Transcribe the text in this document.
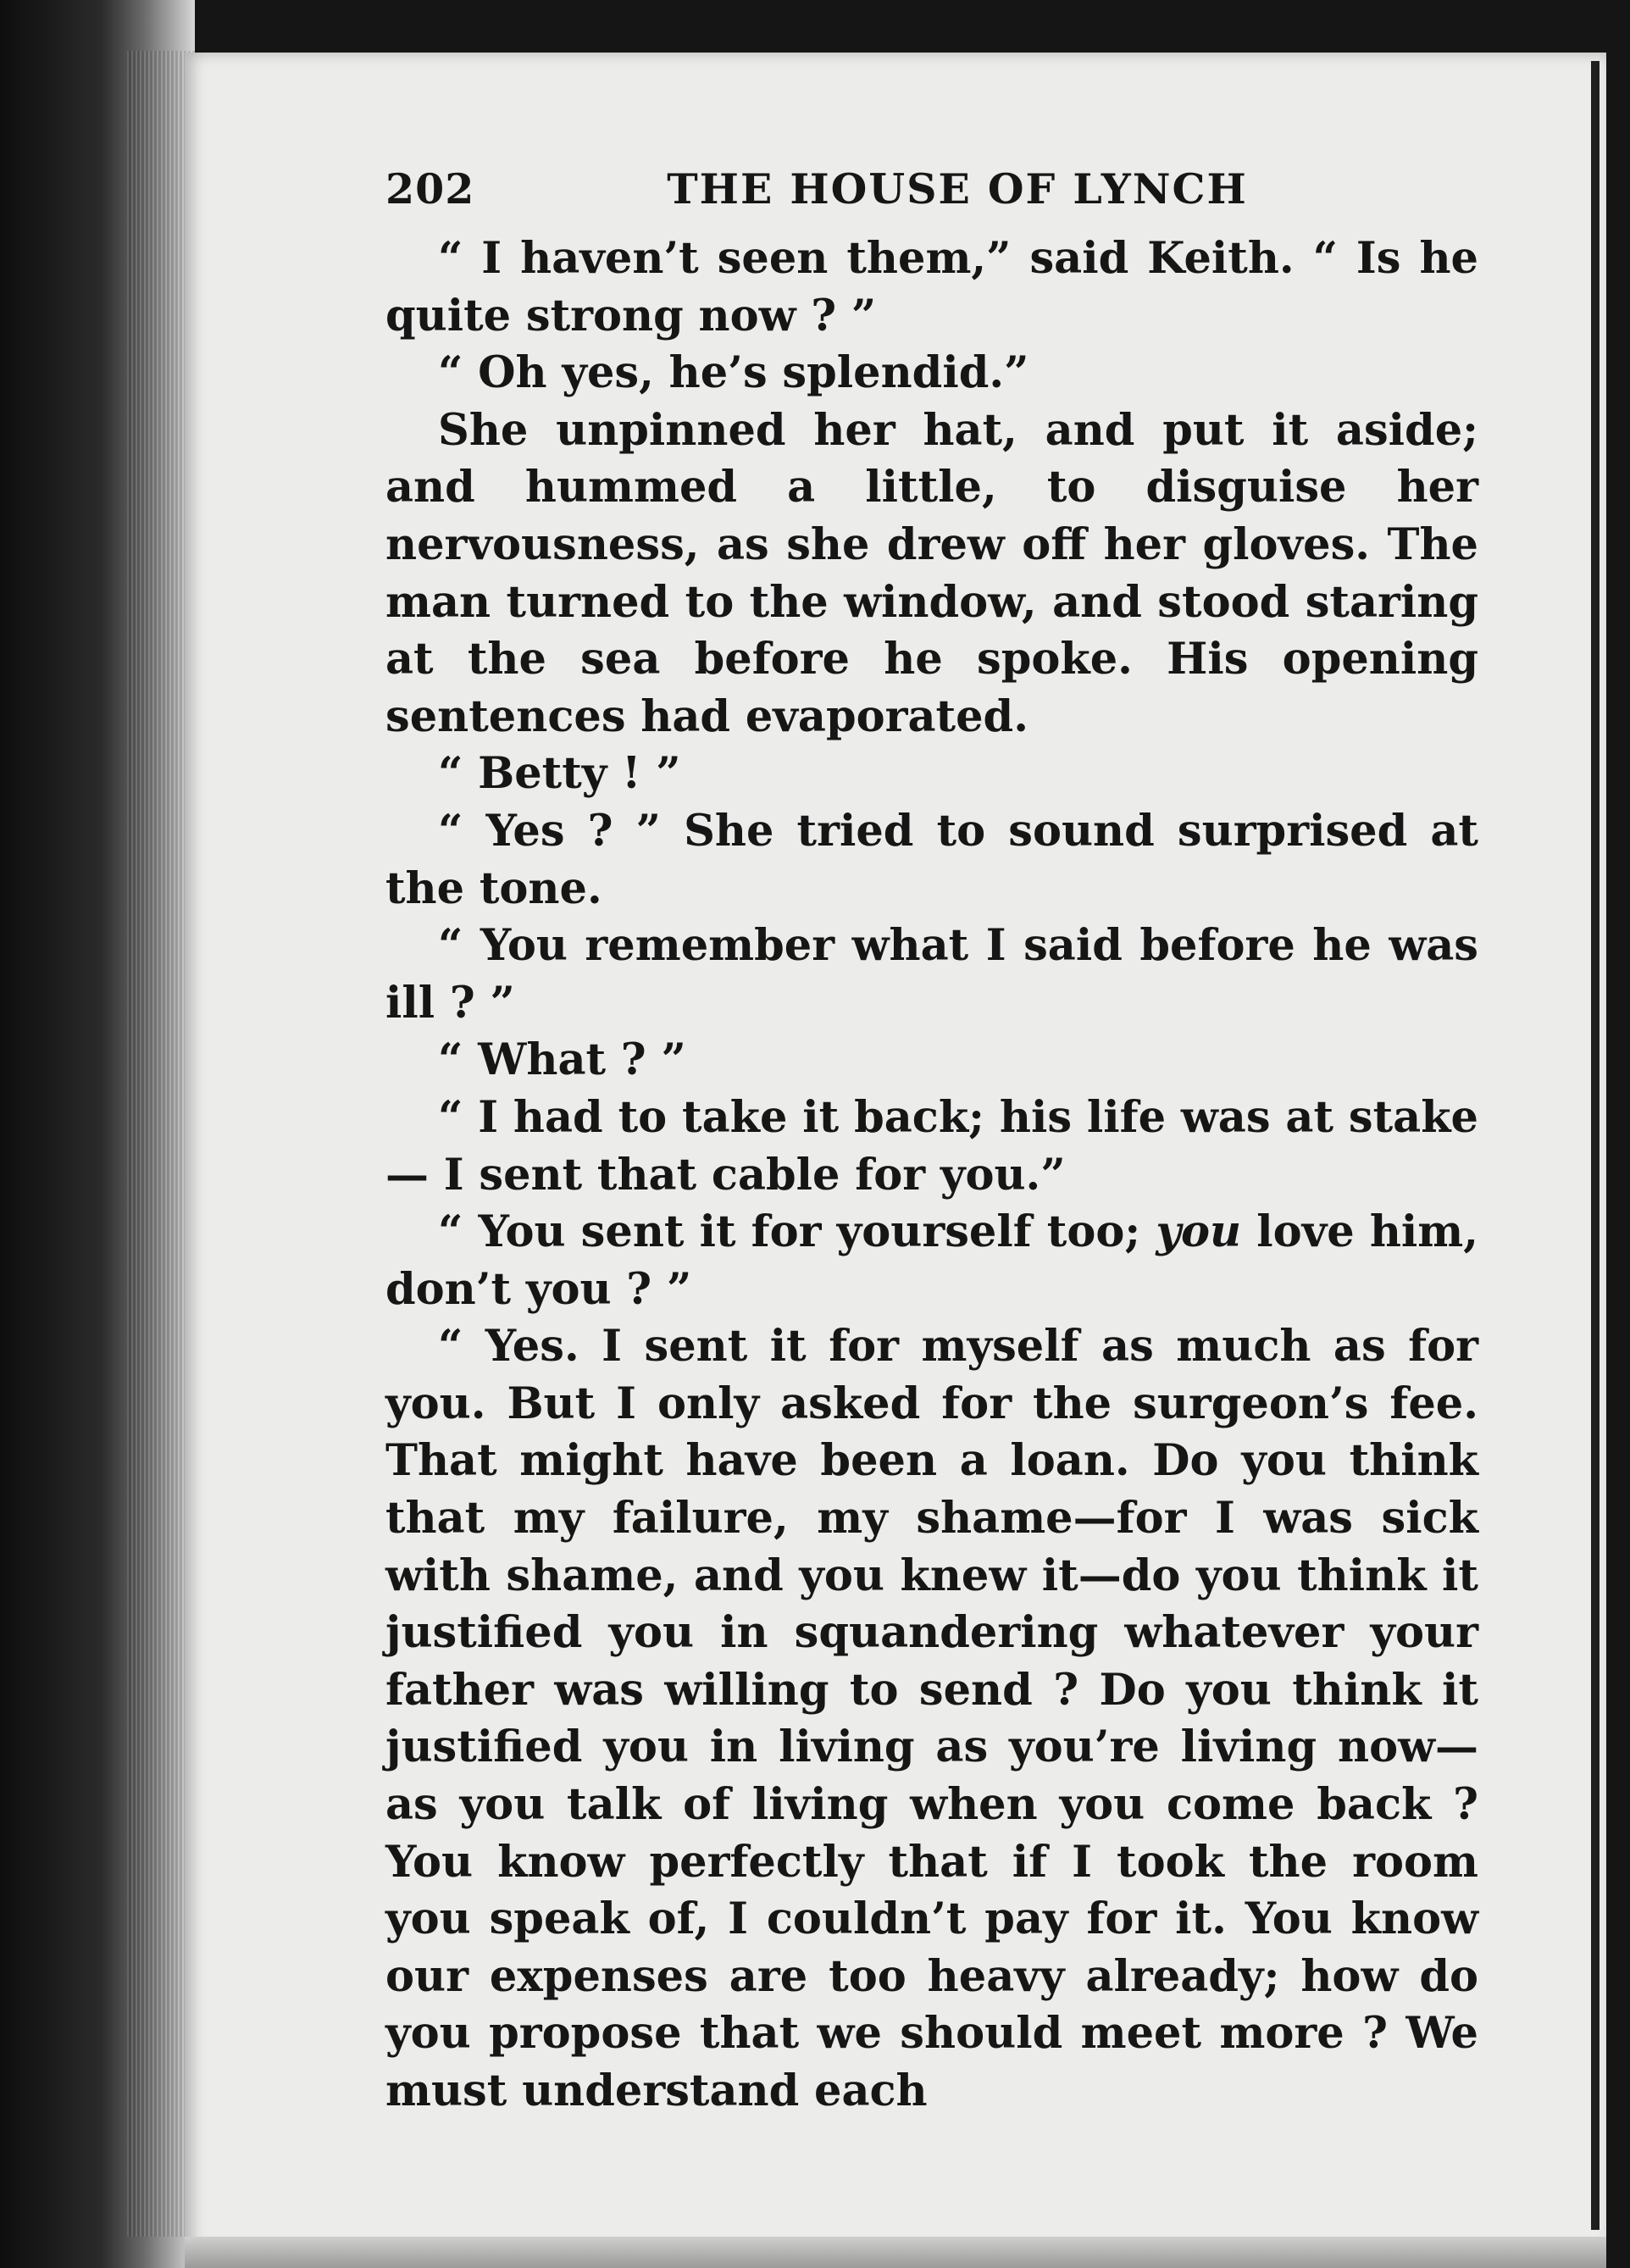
202	THE HOUSE OF LYNCH

“ I haven’t seen them,” said Keith. “ Is he quite strong now ? ”

“ Oh yes, he’s splendid.”

She unpinned her hat, and put it aside; and hummed a little, to disguise her nervousness, as she drew off her gloves. The man turned to the window, and stood staring at the sea before he spoke. His opening sentences had evaporated.

“ Betty ! ”

“ Yes ? ” She tried to sound surprised at the tone.

“ You remember what I said before he was ill ? ”

“ What ? ”

“ I had to take it back; his life was at stake— I sent that cable for you.”

“ You sent it for yourself too; you love him, don’t you ? ”

“ Yes. I sent it for myself as much as for you. But I only asked for the surgeon’s fee. That might have been a loan. Do you think that my failure, my shame—for I was sick with shame, and you knew it—do you think it justified you in squandering whatever your father was willing to send ? Do you think it justified you in living as you’re living now—as you talk of living when you come back ? You know perfectly that if I took the room you speak of, I couldn’t pay for it. You know our expenses are too heavy already; how do you propose that we should meet more ? We must understand each
